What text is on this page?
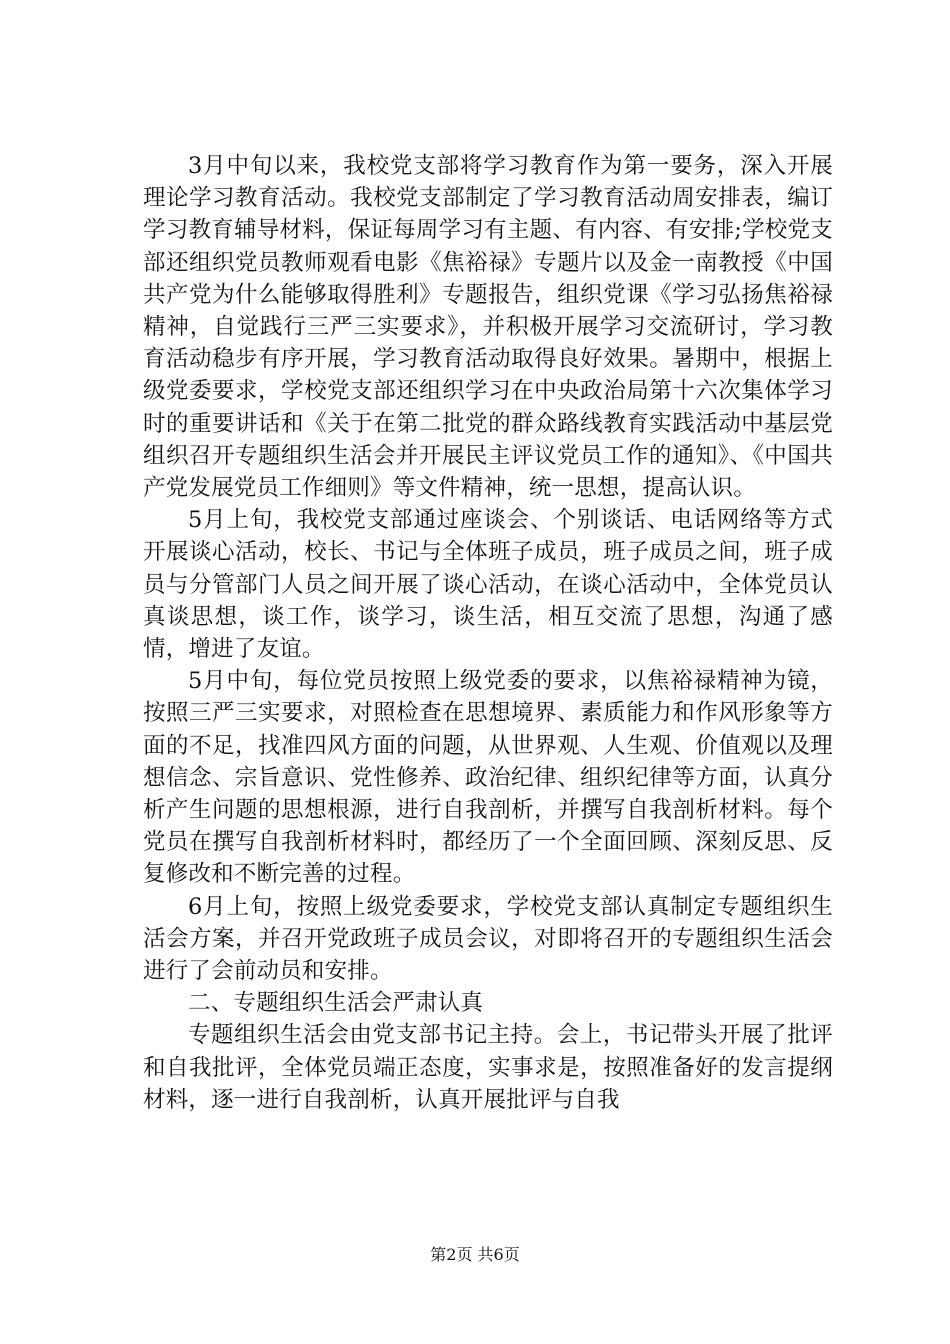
3月中旬以来，我校党支部将学习教育作为第一要务，深入开展理论学习教育活动。我校党支部制定了学习教育活动周安排表，编订学习教育辅导材料，保证每周学习有主题、有内容、有安排;学校党支部还组织党员教师观看电影《焦裕禄》专题片以及金一南教授《中国共产党为什么能够取得胜利》专题报告，组织党课《学习弘扬焦裕禄精神，自觉践行三严三实要求》，并积极开展学习交流研讨，学习教育活动稳步有序开展，学习教育活动取得良好效果。暑期中，根据上级党委要求，学校党支部还组织学习在中央政治局第十六次集体学习时的重要讲话和《关于在第二批党的群众路线教育实践活动中基层党组织召开专题组织生活会并开展民主评议党员工作的通知》、《中国共产党发展党员工作细则》等文件精神，统一思想，提高认识。

5月上旬，我校党支部通过座谈会、个别谈话、电话网络等方式开展谈心活动，校长、书记与全体班子成员，班子成员之间，班子成员与分管部门人员之间开展了谈心活动，在谈心活动中，全体党员认真谈思想，谈工作，谈学习，谈生活，相互交流了思想，沟通了感情，增进了友谊。

5月中旬，每位党员按照上级党委的要求，以焦裕禄精神为镜，按照三严三实要求，对照检查在思想境界、素质能力和作风形象等方面的不足，找准四风方面的问题，从世界观、人生观、价值观以及理想信念、宗旨意识、党性修养、政治纪律、组织纪律等方面，认真分析产生问题的思想根源，进行自我剖析，并撰写自我剖析材料。每个党员在撰写自我剖析材料时，都经历了一个全面回顾、深刻反思、反复修改和不断完善的过程。

6月上旬，按照上级党委要求，学校党支部认真制定专题组织生活会方案，并召开党政班子成员会议，对即将召开的专题组织生活会进行了会前动员和安排。

二、专题组织生活会严肃认真

专题组织生活会由党支部书记主持。会上，书记带头开展了批评和自我批评，全体党员端正态度，实事求是，按照准备好的发言提纲材料，逐一进行自我剖析，认真开展批评与自我

第2页 共6页
